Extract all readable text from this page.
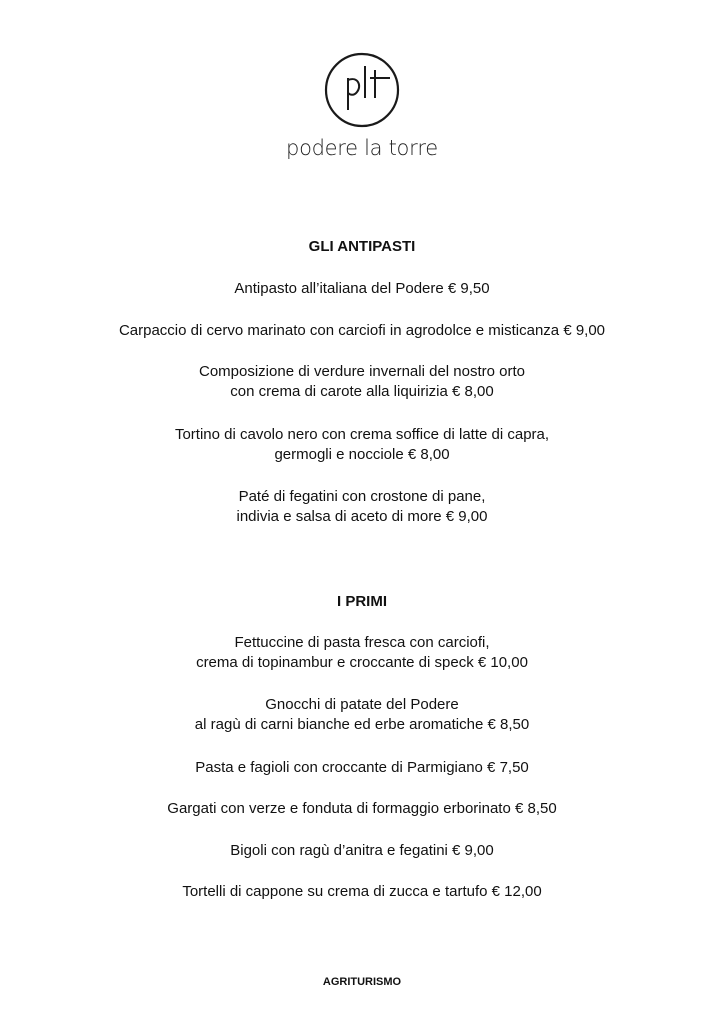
podere la torre
GLI ANTIPASTI
Antipasto all’italiana del Podere € 9,50
Carpaccio di cervo marinato con carciofi in agrodolce e misticanza € 9,00
Composizione di verdure invernali del nostro orto
con crema di carote alla liquirizia € 8,00
Tortino di cavolo nero con crema soffice di latte di capra,
germogli e nocciole € 8,00
Paté di fegatini con crostone di pane,
indivia e salsa di aceto di more € 9,00
I PRIMI
Fettuccine di pasta fresca con carciofi,
crema di topinambur e croccante di speck € 10,00
Gnocchi di patate del Podere
al ragù di carni bianche ed erbe aromatiche € 8,50
Pasta e fagioli con croccante di Parmigiano € 7,50
Gargati con verze e fonduta di formaggio erborinato € 8,50
Bigoli con ragù d’anitra e fegatini € 9,00
Tortelli di cappone su crema di zucca e tartufo € 12,00
AGRITURISMO
